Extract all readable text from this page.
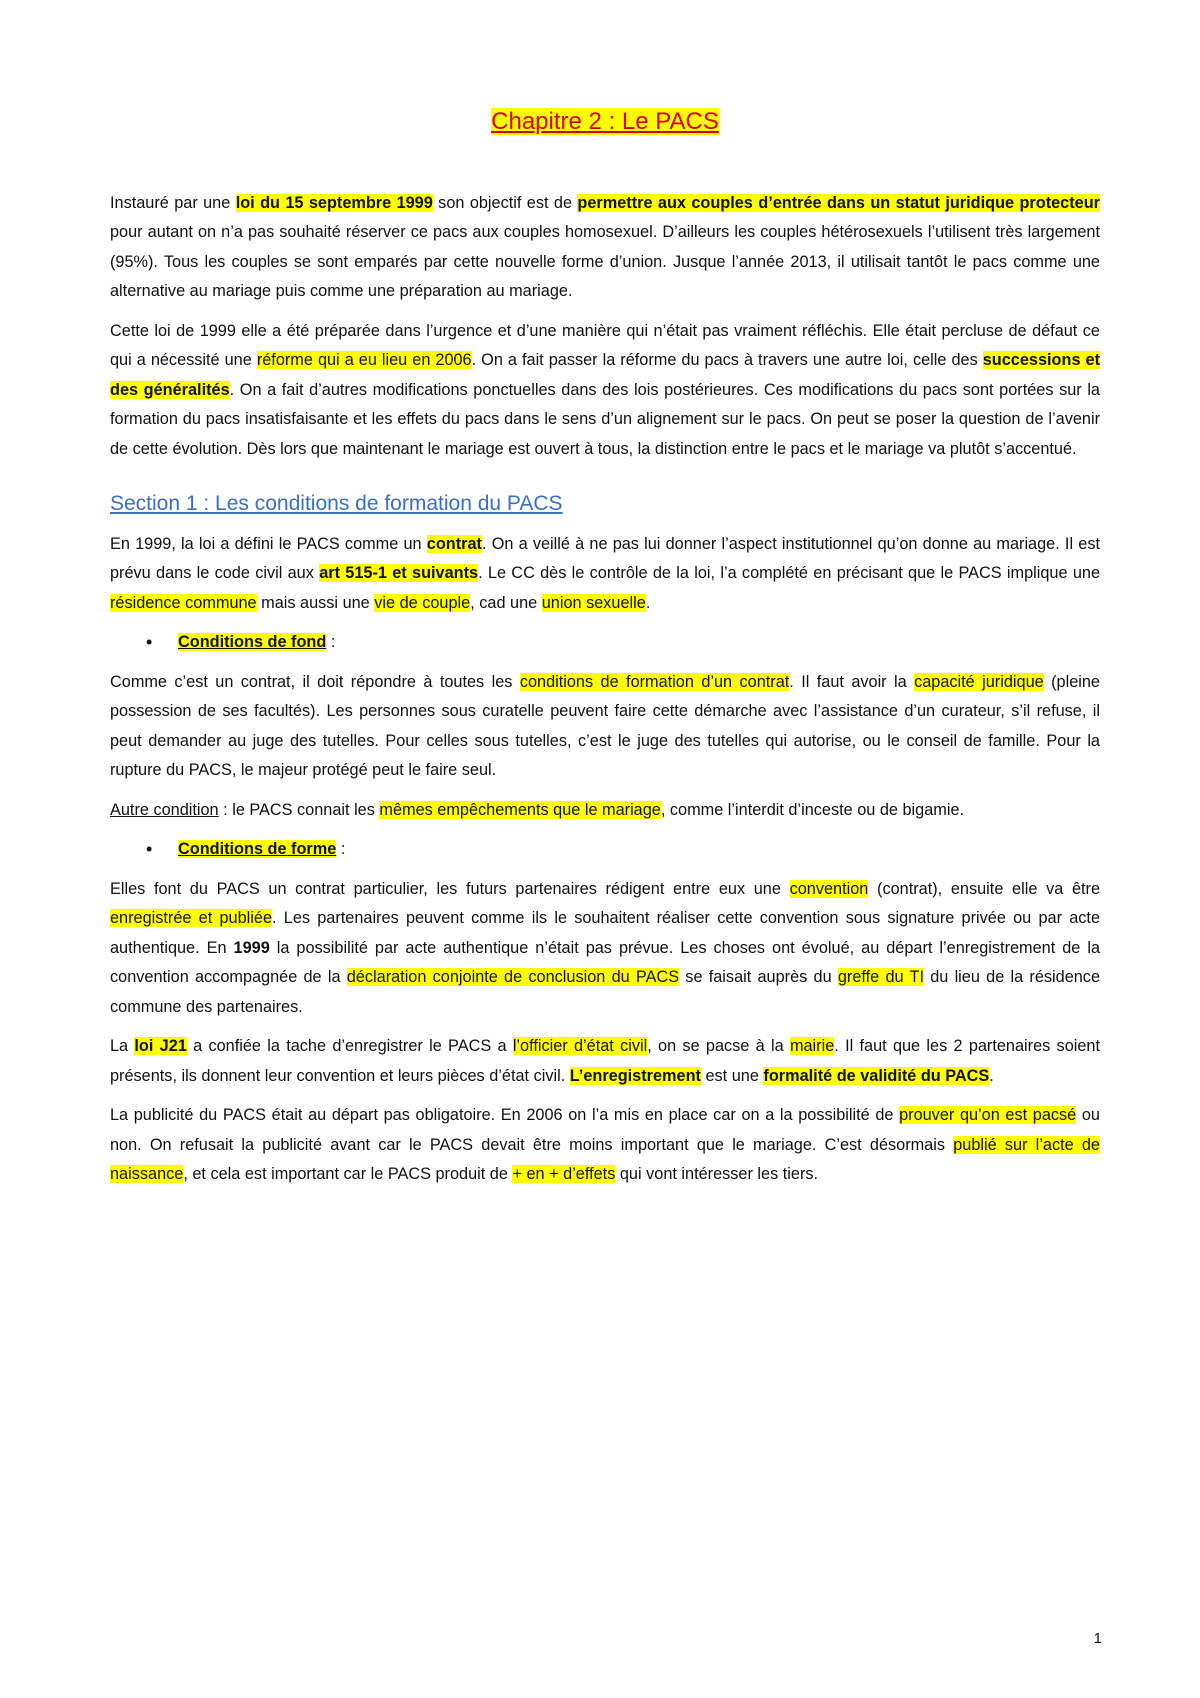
Chapitre 2 : Le PACS

Instauré par une loi du 15 septembre 1999 son objectif est de permettre aux couples d’entrée dans un statut juridique protecteur pour autant on n’a pas souhaité réserver ce pacs aux couples homosexuel. D’ailleurs les couples hétérosexuels l’utilisent très largement (95%). Tous les couples se sont emparés par cette nouvelle forme d’union. Jusque l’année 2013, il utilisait tantôt le pacs comme une alternative au mariage puis comme une préparation au mariage.

Cette loi de 1999 elle a été préparée dans l’urgence et d’une manière qui n’était pas vraiment réfléchis. Elle était percluse de défaut ce qui a nécessité une réforme qui a eu lieu en 2006. On a fait passer la réforme du pacs à travers une autre loi, celle des successions et des généralités. On a fait d’autres modifications ponctuelles dans des lois postérieures. Ces modifications du pacs sont portées sur la formation du pacs insatisfaisante et les effets du pacs dans le sens d’un alignement sur le pacs. On peut se poser la question de l’avenir de cette évolution. Dès lors que maintenant le mariage est ouvert à tous, la distinction entre le pacs et le mariage va plutôt s’accentué.

Section 1 : Les conditions de formation du PACS

En 1999, la loi a défini le PACS comme un contrat. On a veillé à ne pas lui donner l’aspect institutionnel qu’on donne au mariage. Il est prévu dans le code civil aux art 515-1 et suivants. Le CC dès le contrôle de la loi, l’a complété en précisant que le PACS implique une résidence commune mais aussi une vie de couple, cad une union sexuelle.

• Conditions de fond :

Comme c’est un contrat, il doit répondre à toutes les conditions de formation d’un contrat. Il faut avoir la capacité juridique (pleine possession de ses facultés). Les personnes sous curatelle peuvent faire cette démarche avec l’assistance d’un curateur, s’il refuse, il peut demander au juge des tutelles. Pour celles sous tutelles, c’est le juge des tutelles qui autorise, ou le conseil de famille. Pour la rupture du PACS, le majeur protégé peut le faire seul.

Autre condition : le PACS connait les mêmes empêchements que le mariage, comme l’interdit d’inceste ou de bigamie.

• Conditions de forme :

Elles font du PACS un contrat particulier, les futurs partenaires rédigent entre eux une convention (contrat), ensuite elle va être enregistrée et publiée. Les partenaires peuvent comme ils le souhaitent réaliser cette convention sous signature privée ou par acte authentique. En 1999 la possibilité par acte authentique n’était pas prévue. Les choses ont évolué, au départ l’enregistrement de la convention accompagnée de la déclaration conjointe de conclusion du PACS se faisait auprès du greffe du TI du lieu de la résidence commune des partenaires.

La loi J21 a confiée la tache d’enregistrer le PACS a l’officier d’état civil, on se pacse à la mairie. Il faut que les 2 partenaires soient présents, ils donnent leur convention et leurs pièces d’état civil. L’enregistrement est une formalité de validité du PACS.

La publicité du PACS était au départ pas obligatoire. En 2006 on l’a mis en place car on a la possibilité de prouver qu’on est pacsé ou non. On refusait la publicité avant car le PACS devait être moins important que le mariage. C’est désormais publié sur l’acte de naissance, et cela est important car le PACS produit de + en + d’effets qui vont intéresser les tiers.

1
